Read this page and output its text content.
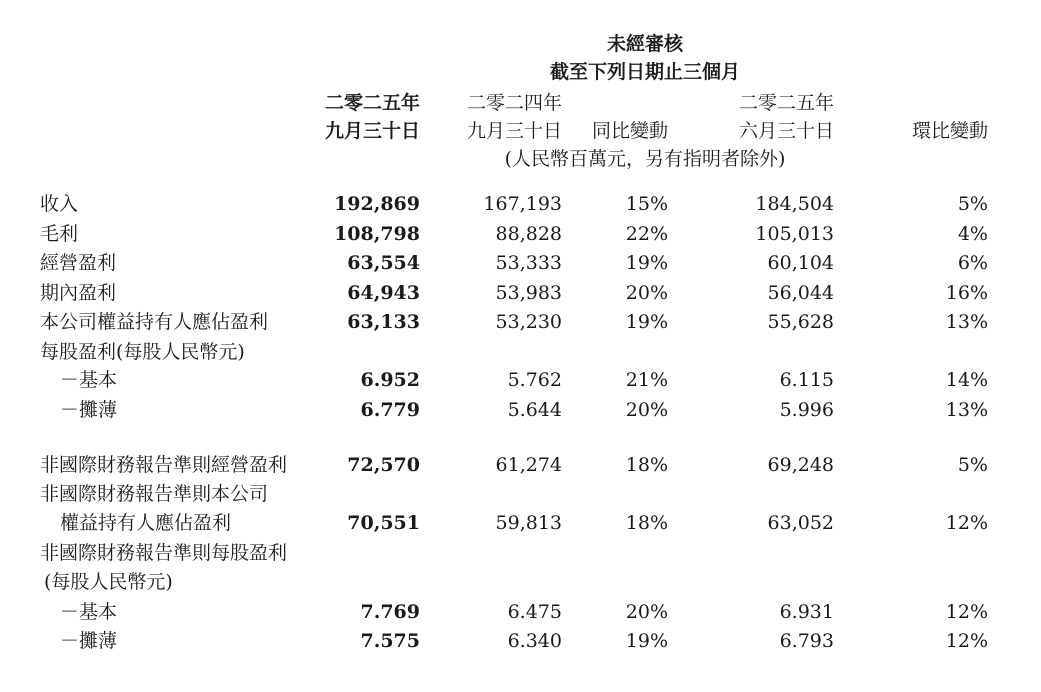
未經審核
截至下列日期止三個月
二零二五年
九月三十日
二零二四年
九月三十日	同比變動
二零二五年
六月三十日	環比變動
(人民幣百萬元，另有指明者除外)
收入	192,869	167,193	15%	184,504	5%
毛利	108,798	88,828	22%	105,013	4%
經營盈利	63,554	53,333	19%	60,104	6%
期內盈利	64,943	53,983	20%	56,044	16%
本公司權益持有人應佔盈利	63,133	53,230	19%	55,628	13%
每股盈利(每股人民幣元)
－基本	6.952	5.762	21%	6.115	14%
－攤薄	6.779	5.644	20%	5.996	13%
非國際財務報告準則經營盈利	72,570	61,274	18%	69,248	5%
非國際財務報告準則本公司
權益持有人應佔盈利	70,551	59,813	18%	63,052	12%
非國際財務報告準則每股盈利
(每股人民幣元)
－基本	7.769	6.475	20%	6.931	12%
－攤薄	7.575	6.340	19%	6.793	12%
